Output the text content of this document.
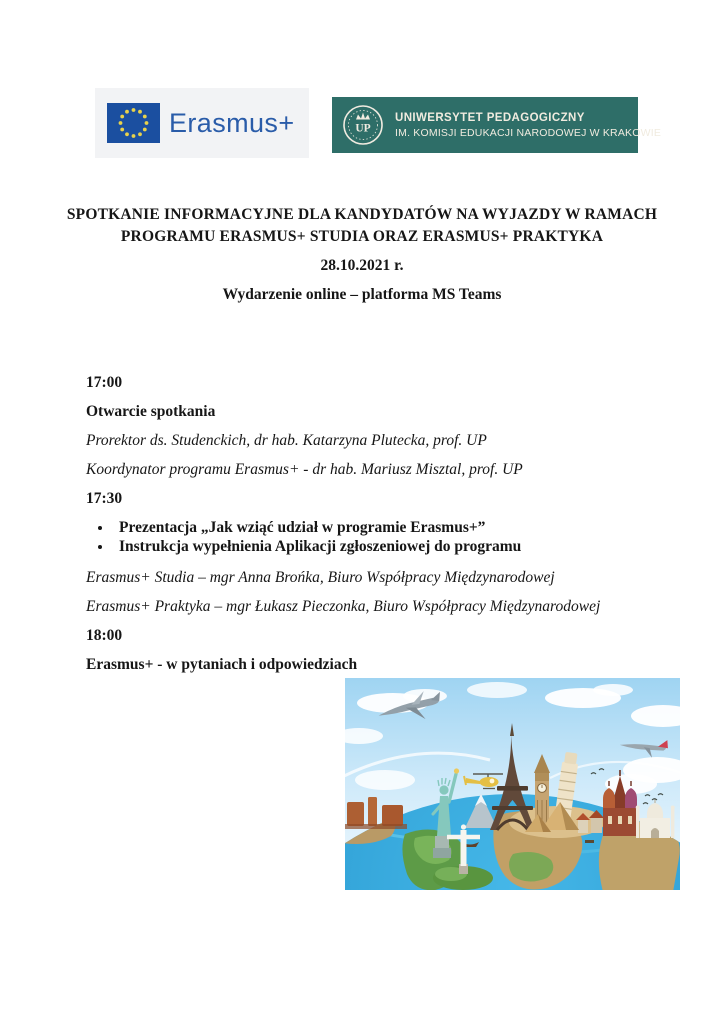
Erasmus+	UP
UNIWERSYTET PEDAGOGICZNY
IM. KOMISJI EDUKACJI NARODOWEJ W KRAKOWIE
SPOTKANIE INFORMACYJNE DLA KANDYDATÓW NA WYJAZDY W RAMACH
PROGRAMU ERASMUS+ STUDIA ORAZ ERASMUS+ PRAKTYKA
28.10.2021 r.
Wydarzenie online – platforma MS Teams

17:00

Otwarcie spotkania

Prorektor ds. Studenckich, dr hab. Katarzyna Plutecka, prof. UP

Koordynator programu Erasmus+ - dr hab. Mariusz Misztal, prof. UP

17:30

• Prezentacja „Jak wziąć udział w programie Erasmus+”
• Instrukcja wypełnienia Aplikacji zgłoszeniowej do programu

Erasmus+ Studia – mgr Anna Brońka, Biuro Współpracy Międzynarodowej

Erasmus+ Praktyka – mgr Łukasz Pieczonka, Biuro Współpracy Międzynarodowej

18:00

Erasmus+ - w pytaniach i odpowiedziach
